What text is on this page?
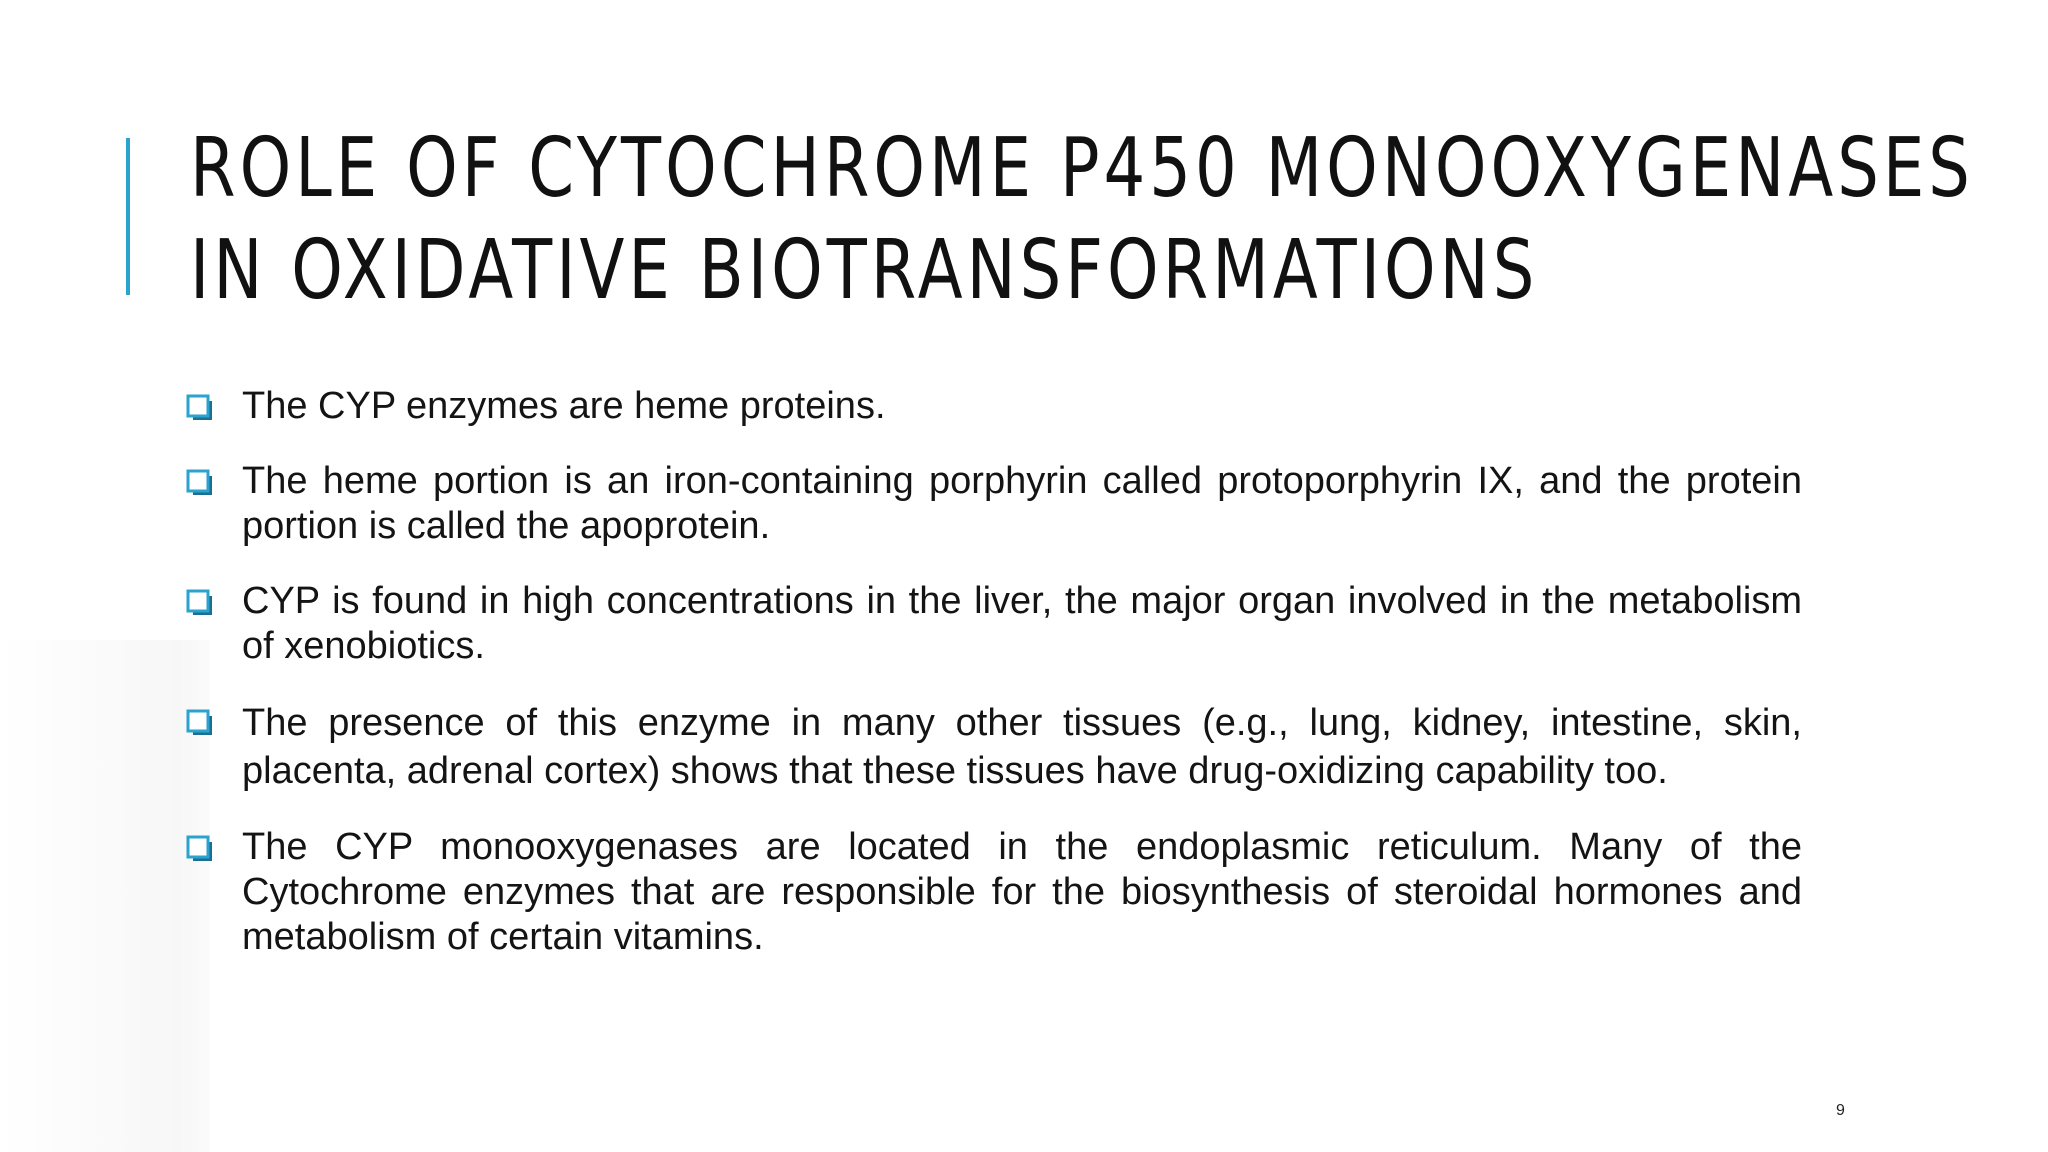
ROLE OF CYTOCHROME P450 MONOOXYGENASES
IN OXIDATIVE BIOTRANSFORMATIONS
The CYP enzymes are heme proteins.
The heme portion is an iron-containing porphyrin called protoporphyrin IX, and the protein portion is called the apoprotein.
CYP is found in high concentrations in the liver, the major organ involved in the metabolism of xenobiotics.
The presence of this enzyme in many other tissues (e.g., lung, kidney, intestine, skin, placenta, adrenal cortex) shows that these tissues have drug-oxidizing capability too.
The CYP monooxygenases are located in the endoplasmic reticulum. Many of the Cytochrome enzymes that are responsible for the biosynthesis of steroidal hormones and metabolism of certain vitamins.
9
